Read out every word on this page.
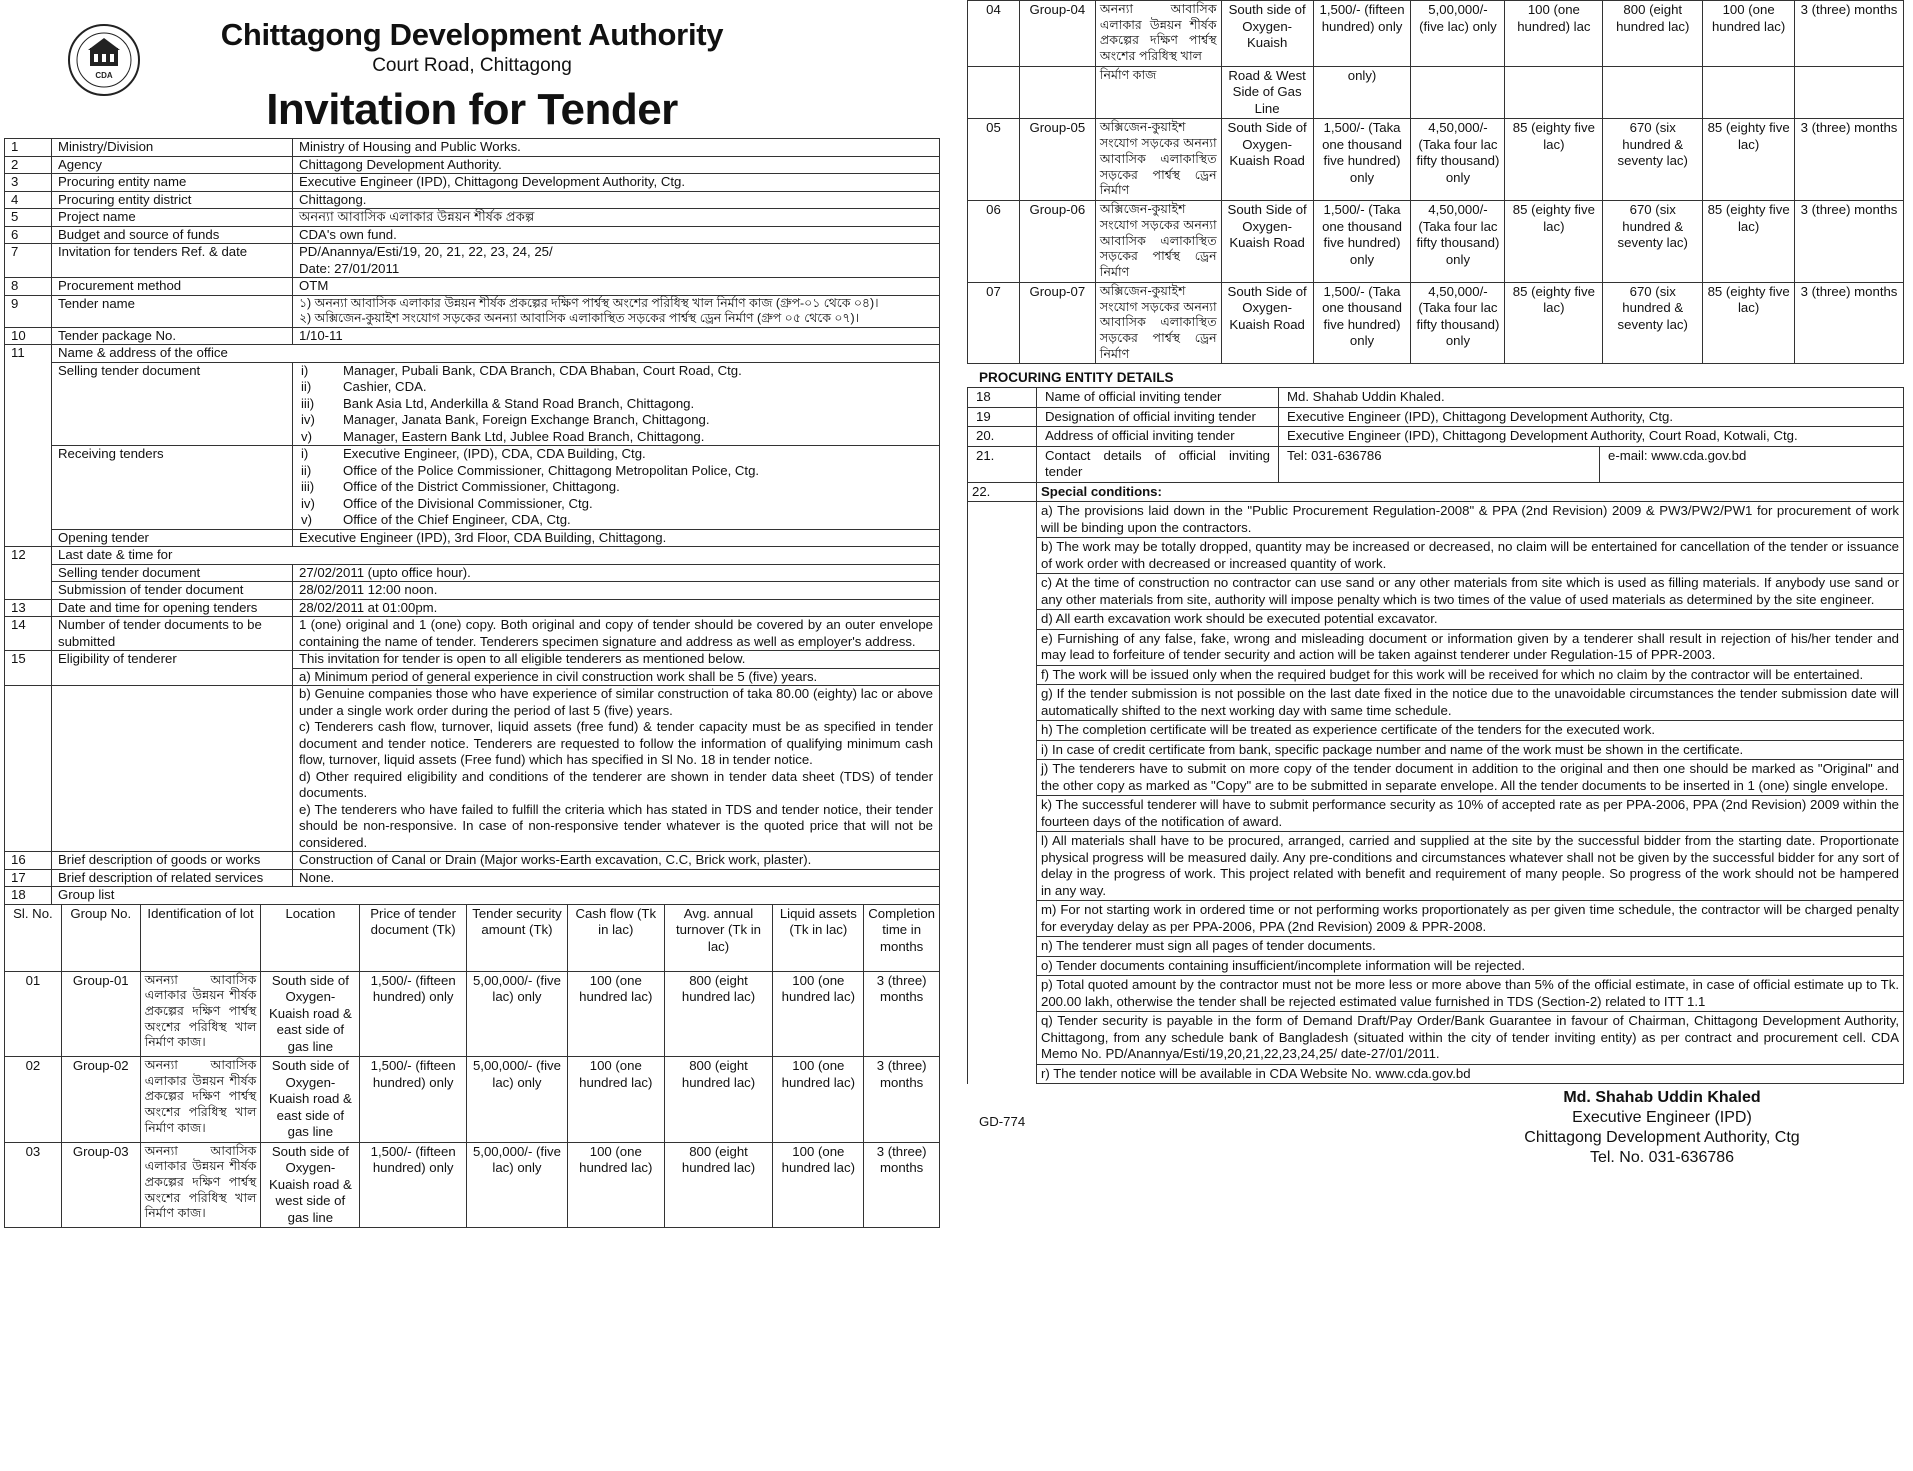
CDA
Chittagong Development Authority
Court Road, Chittagong
Invitation for Tender
1	Ministry/Division	Ministry of Housing and Public Works.
2	Agency	Chittagong Development Authority.
3	Procuring entity name	Executive Engineer (IPD), Chittagong Development Authority, Ctg.
4	Procuring entity district	Chittagong.
5	Project name	অনন্যা আবাসিক এলাকার উন্নয়ন শীর্ষক প্রকল্প
6	Budget and source of funds	CDA's own fund.
7	Invitation for tenders Ref. & date	PD/Anannya/Esti/19, 20, 21, 22, 23, 24, 25/
Date: 27/01/2011

8	Procurement method	OTM
9	Tender name	১) অনন্যা আবাসিক এলাকার উন্নয়ন শীর্ষক প্রকল্পের দক্ষিণ পার্শ্বস্থ অংশের পরিধিস্থ খাল নির্মাণ কাজ (গ্রুপ-০১ থেকে ০৪)।
২) অক্সিজেন-কুয়াইশ সংযোগ সড়কের অনন্যা আবাসিক এলাকাস্থিত সড়কের পার্শ্বস্থ ড্রেন নির্মাণ (গ্রুপ ০৫ থেকে ০৭)।

10	Tender package No.	1/10-11
11	Name & address of the office
Selling tender document		i)	Manager, Pubali Bank, CDA Branch, CDA Bhaban, Court Road, Ctg.
ii)	Cashier, CDA.
iii)	Bank Asia Ltd, Anderkilla & Stand Road Branch, Chittagong.
iv)	Manager, Janata Bank, Foreign Exchange Branch, Chittagong.
v)	Manager, Eastern Bank Ltd, Jublee Road Branch, Chittagong.

Receiving tenders		i)	Executive Engineer, (IPD), CDA, CDA Building, Ctg.
ii)	Office of the Police Commissioner, Chittagong Metropolitan Police, Ctg.
iii)	Office of the District Commissioner, Chittagong.
iv)	Office of the Divisional Commissioner, Ctg.
v)	Office of the Chief Engineer, CDA, Ctg.

Opening tender	Executive Engineer (IPD), 3rd Floor, CDA Building, Chittagong.
12	Last date & time for
Selling tender document	27/02/2011 (upto office hour).
Submission of tender document	28/02/2011 12:00 noon.
13	Date and time for opening tenders	28/02/2011 at 01:00pm.
14	Number of tender documents to be submitted	1 (one) original and 1 (one) copy. Both original and copy of tender should be covered by an outer envelope containing the name of tender. Tenderers specimen signature and address as well as employer's address.
15	Eligibility of tenderer	This invitation for tender is open to all eligible tenderers as mentioned below.
a) Minimum period of general experience in civil construction work shall be 5 (five) years.

b) Genuine companies those who have experience of similar construction of taka 80.00 (eighty) lac or above under a single work order during the period of last 5 (five) years.
c) Tenderers cash flow, turnover, liquid assets (free fund) & tender capacity must be as specified in tender document and tender notice. Tenderers are requested to follow the information of qualifying minimum cash flow, turnover, liquid assets (Free fund) which has specified in Sl No. 18 in tender notice.
d) Other required eligibility and conditions of the tenderer are shown in tender data sheet (TDS) of tender documents.
e) The tenderers who have failed to fulfill the criteria which has stated in TDS and tender notice, their tender should be non-responsive. In case of non-responsive tender whatever is the quoted price that will not be considered.

16	Brief description of goods or works	Construction of Canal or Drain (Major works-Earth excavation, C.C, Brick work, plaster).
17	Brief description of related services	None.
18	Group list
Sl. No.	Group No.	Identification of lot	Location	Price of tender document (Tk)	Tender security amount (Tk)	Cash flow (Tk in lac)	Avg. annual turnover (Tk in lac)	Liquid assets (Tk in lac)	Completion time in months
01	Group-01	অনন্যা আবাসিক এলাকার উন্নয়ন শীর্ষক প্রকল্পের দক্ষিণ পার্শ্বস্থ অংশের পরিধিস্থ খাল নির্মাণ কাজ।	South side of Oxygen-Kuaish road & east side of gas line	1,500/- (fifteen hundred) only	5,00,000/- (five lac) only	100 (one hundred lac)	800 (eight hundred lac)	100 (one hundred lac)	3 (three) months
02	Group-02	অনন্যা আবাসিক এলাকার উন্নয়ন শীর্ষক প্রকল্পের দক্ষিণ পার্শ্বস্থ অংশের পরিধিস্থ খাল নির্মাণ কাজ।	South side of Oxygen-Kuaish road & east side of gas line	1,500/- (fifteen hundred) only	5,00,000/- (five lac) only	100 (one hundred lac)	800 (eight hundred lac)	100 (one hundred lac)	3 (three) months
03	Group-03	অনন্যা আবাসিক এলাকার উন্নয়ন শীর্ষক প্রকল্পের দক্ষিণ পার্শ্বস্থ অংশের পরিধিস্থ খাল নির্মাণ কাজ।	South side of Oxygen-Kuaish road & west side of gas line	1,500/- (fifteen hundred) only	5,00,000/- (five lac) only	100 (one hundred lac)	800 (eight hundred lac)	100 (one hundred lac)	3 (three) months
04	Group-04	অনন্যা আবাসিক এলাকার উন্নয়ন শীর্ষক প্রকল্পের দক্ষিণ পার্শ্বস্থ অংশের পরিধিস্থ খাল	South side of Oxygen-Kuaish	1,500/- (fifteen hundred) only	5,00,000/- (five lac) only	100 (one hundred) lac	800 (eight hundred lac)	100 (one hundred lac)	3 (three) months
		নির্মাণ কাজ	Road & West Side of Gas Line	only)					
05	Group-05	অক্সিজেন-কুয়াইশ সংযোগ সড়কের অনন্যা আবাসিক এলাকাস্থিত সড়কের পার্শ্বস্থ ড্রেন নির্মাণ	South Side of Oxygen-Kuaish Road	1,500/- (Taka one thousand five hundred) only	4,50,000/- (Taka four lac fifty thousand) only	85 (eighty five lac)	670 (six hundred & seventy lac)	85 (eighty five lac)	3 (three) months
06	Group-06	অক্সিজেন-কুয়াইশ সংযোগ সড়কের অনন্যা আবাসিক এলাকাস্থিত সড়কের পার্শ্বস্থ ড্রেন নির্মাণ	South Side of Oxygen-Kuaish Road	1,500/- (Taka one thousand five hundred) only	4,50,000/- (Taka four lac fifty thousand) only	85 (eighty five lac)	670 (six hundred & seventy lac)	85 (eighty five lac)	3 (three) months
07	Group-07	অক্সিজেন-কুয়াইশ সংযোগ সড়কের অনন্যা আবাসিক এলাকাস্থিত সড়কের পার্শ্বস্থ ড্রেন নির্মাণ	South Side of Oxygen-Kuaish Road	1,500/- (Taka one thousand five hundred) only	4,50,000/- (Taka four lac fifty thousand) only	85 (eighty five lac)	670 (six hundred & seventy lac)	85 (eighty five lac)	3 (three) months
PROCURING ENTITY DETAILS
18	Name of official inviting tender	Md. Shahab Uddin Khaled.	
19	Designation of official inviting tender	Executive Engineer (IPD), Chittagong Development Authority, Ctg.	
20.	Address of official inviting tender	Executive Engineer (IPD), Chittagong Development Authority, Court Road, Kotwali, Ctg.	
21.	Contact details of official inviting tender	Tel: 031-636786	e-mail: www.cda.gov.bd
22.	Special conditions:
	a) The provisions laid down in the "Public Procurement Regulation-2008" & PPA (2nd Revision) 2009 & PW3/PW2/PW1 for procurement of work will be binding upon the contractors.
	b) The work may be totally dropped, quantity may be increased or decreased, no claim will be entertained for cancellation of the tender or issuance of work order with decreased or increased quantity of work.
	c) At the time of construction no contractor can use sand or any other materials from site which is used as filling materials. If anybody use sand or any other materials from site, authority will impose penalty which is two times of the value of used materials as determined by the site engineer.
	d) All earth excavation work should be executed potential excavator.
	e) Furnishing of any false, fake, wrong and misleading document or information given by a tenderer shall result in rejection of his/her tender and may lead to forfeiture of tender security and action will be taken against tenderer under Regulation-15 of PPR-2003.
	f) The work will be issued only when the required budget for this work will be received for which no claim by the contractor will be entertained.
	g) If the tender submission is not possible on the last date fixed in the notice due to the unavoidable circumstances the tender submission date will automatically shifted to the next working day with same time schedule.
	h) The completion certificate will be treated as experience certificate of the tenders for the executed work.
	i) In case of credit certificate from bank, specific package number and name of the work must be shown in the certificate.
	j) The tenderers have to submit on more copy of the tender document in addition to the original and then one should be marked as "Original" and the other copy as marked as "Copy" are to be submitted in separate envelope. All the tender documents to be inserted in 1 (one) single envelope.
	k) The successful tenderer will have to submit performance security as 10% of accepted rate as per PPA-2006, PPA (2nd Revision) 2009 within the fourteen days of the notification of award.
	l) All materials shall have to be procured, arranged, carried and supplied at the site by the successful bidder from the starting date. Proportionate physical progress will be measured daily. Any pre-conditions and circumstances whatever shall not be given by the successful bidder for any sort of delay in the progress of work. This project related with benefit and requirement of many people. So progress of the work should not be hampered in any way.
	m) For not starting work in ordered time or not performing works proportionately as per given time schedule, the contractor will be charged penalty for everyday delay as per PPA-2006, PPA (2nd Revision) 2009 & PPR-2008.
	n) The tenderer must sign all pages of tender documents.
	o) Tender documents containing insufficient/incomplete information will be rejected.
	p) Total quoted amount by the contractor must not be more less or more above than 5% of the official estimate, in case of official estimate up to Tk. 200.00 lakh, otherwise the tender shall be rejected estimated value furnished in TDS (Section-2) related to ITT 1.1
	q) Tender security is payable in the form of Demand Draft/Pay Order/Bank Guarantee in favour of Chairman, Chittagong Development Authority, Chittagong, from any schedule bank of Bangladesh (situated within the city of tender inviting entity) as per contract and procurement cell. CDA Memo No. PD/Anannya/Esti/19,20,21,22,23,24,25/ date-27/01/2011.
	r) The tender notice will be available in CDA Website No. www.cda.gov.bd
GD-774
Md. Shahab Uddin Khaled
Executive Engineer (IPD)
Chittagong Development Authority, Ctg
Tel. No. 031-636786
